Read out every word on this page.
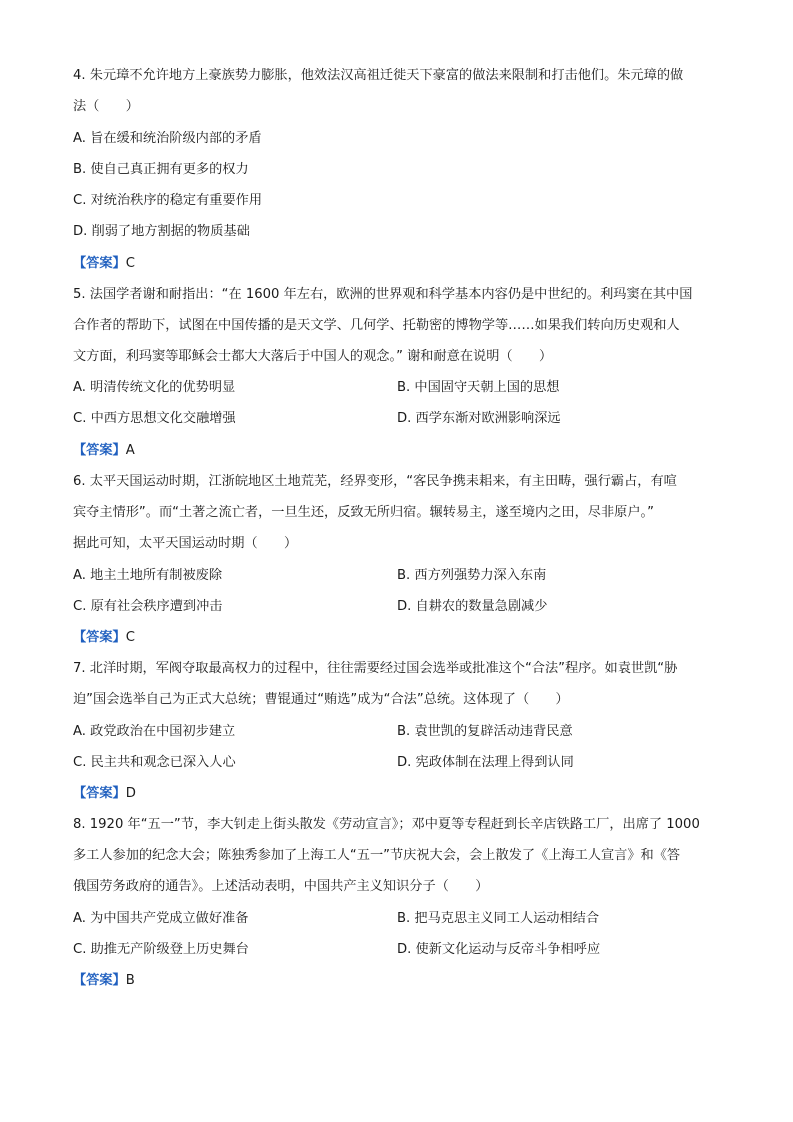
4. 朱元璋不允许地方上豪族势力膨胀，他效法汉高祖迁徙天下豪富的做法来限制和打击他们。朱元璋的做
法（　　）
A. 旨在缓和统治阶级内部的矛盾
B. 使自己真正拥有更多的权力
C. 对统治秩序的稳定有重要作用
D. 削弱了地方割据的物质基础
【答案】C
5. 法国学者谢和耐指出：“在 1600 年左右，欧洲的世界观和科学基本内容仍是中世纪的。利玛窦在其中国
合作者的帮助下，试图在中国传播的是天文学、几何学、托勒密的博物学等……如果我们转向历史观和人
文方面，利玛窦等耶稣会士都大大落后于中国人的观念。” 谢和耐意在说明（　　）
A. 明清传统文化的优势明显	B. 中国固守天朝上国的思想
C. 中西方思想文化交融增强	D. 西学东渐对欧洲影响深远
【答案】A
6. 太平天国运动时期，江浙皖地区土地荒芜，经界变形，“客民争携耒耜来，有主田畴，强行霸占，有喧
宾夺主情形”。而“土著之流亡者，一旦生还，反致无所归宿。辗转易主，遂至境内之田，尽非原户。”
据此可知，太平天国运动时期（　　）
A. 地主土地所有制被废除	B. 西方列强势力深入东南
C. 原有社会秩序遭到冲击	D. 自耕农的数量急剧减少
【答案】C
7. 北洋时期，军阀夺取最高权力的过程中，往往需要经过国会选举或批准这个“合法”程序。如袁世凯“胁
迫”国会选举自己为正式大总统；曹锟通过“贿选”成为“合法”总统。这体现了（　　）
A. 政党政治在中国初步建立	B. 袁世凯的复辟活动违背民意
C. 民主共和观念已深入人心	D. 宪政体制在法理上得到认同
【答案】D
8. 1920 年“五一”节，李大钊走上街头散发《劳动宣言》；邓中夏等专程赶到长辛店铁路工厂，出席了 1000
多工人参加的纪念大会；陈独秀参加了上海工人“五一”节庆祝大会，会上散发了《上海工人宣言》和《答
俄国劳务政府的通告》。上述活动表明，中国共产主义知识分子（　　）
A. 为中国共产党成立做好准备	B. 把马克思主义同工人运动相结合
C. 助推无产阶级登上历史舞台	D. 使新文化运动与反帝斗争相呼应
【答案】B
